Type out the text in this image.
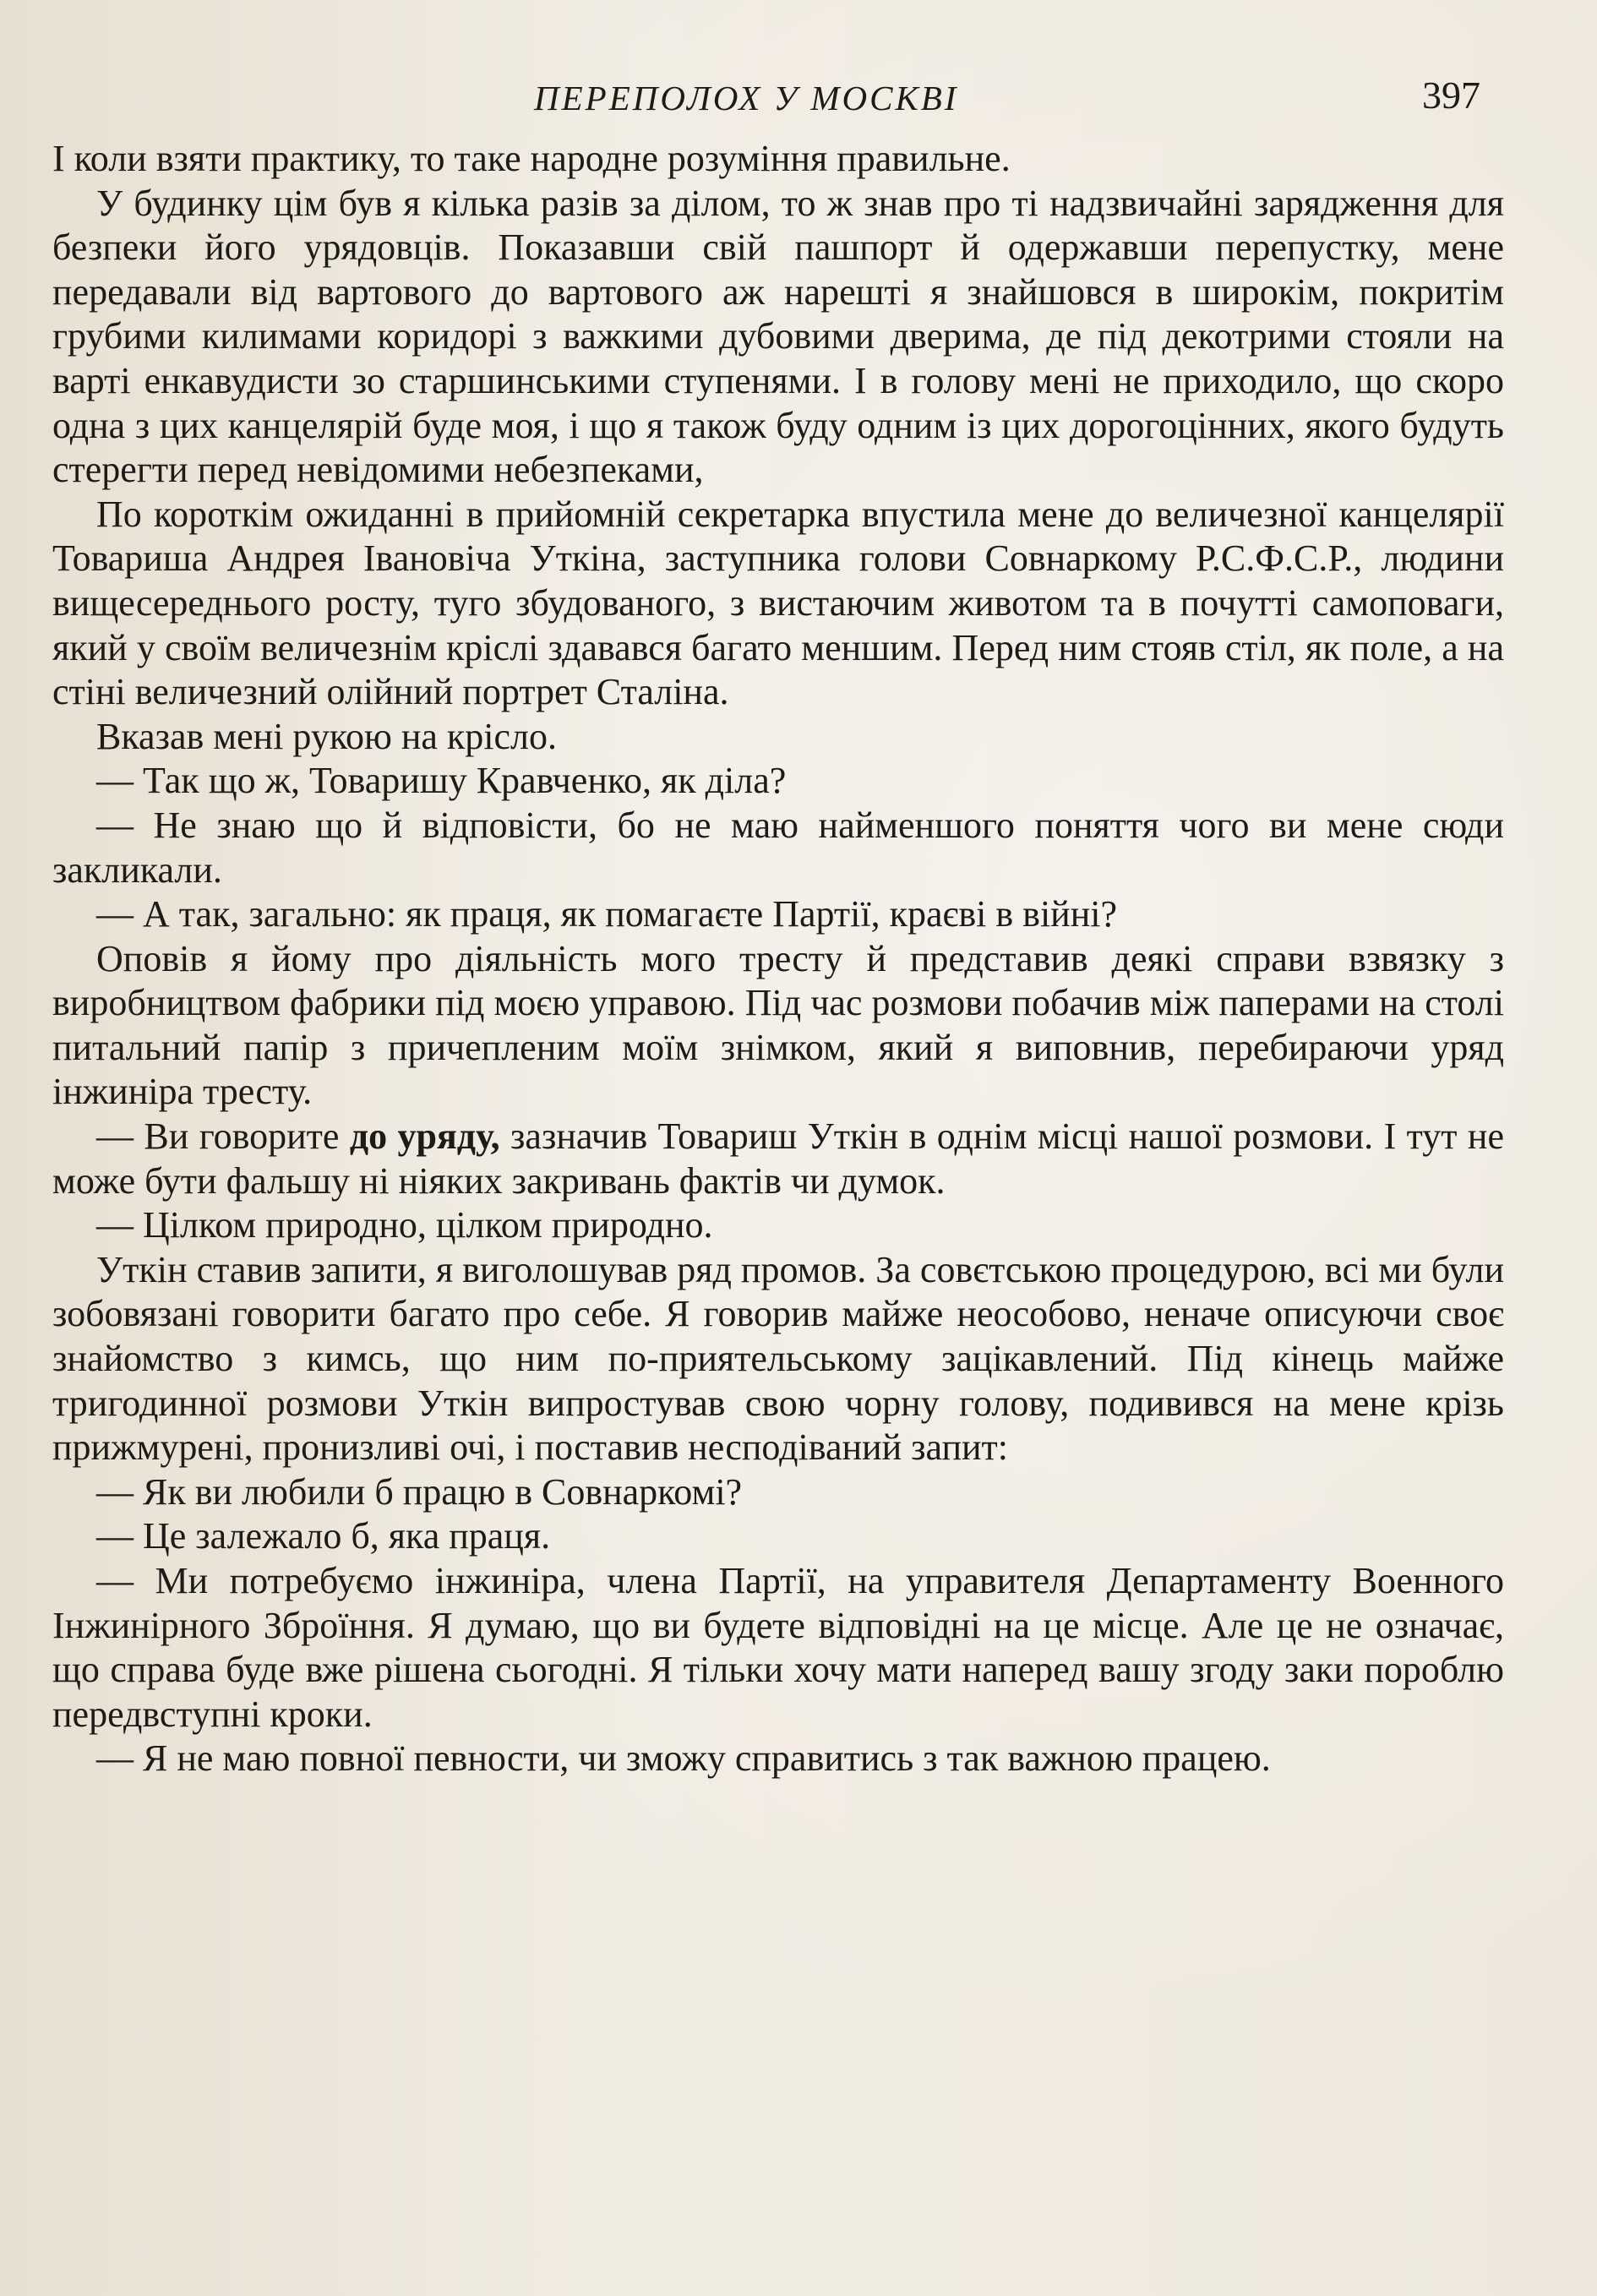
ПЕРЕПОЛОХ У МОСКВІ	397

І коли взяти практику, то таке народне розуміння правильне.

У будинку цім був я кілька разів за ділом, то ж знав про ті надзвичайні зарядження для безпеки його урядовців. Показавши свій пашпорт й одержавши перепустку, мене передавали від вартового до вартового аж нарешті я знайшовся в широкім, покритім грубими килимами коридорі з важкими дубовими дверима, де під декотрими стояли на варті енкавудисти зо старшинськими ступенями. І в голову мені не приходило, що скоро одна з цих канцелярій буде моя, і що я також буду одним із цих дорогоцінних, якого будуть стерегти перед невідомими небезпеками,

По короткім ожиданні в прийомній секретарка впустила мене до величезної канцелярії Товариша Андрея Івановіча Уткіна, заступника голови Совнаркому Р.С.Ф.С.Р., людини вищесереднього росту, туго збудованого, з вистаючим животом та в почутті самоповаги, який у своїм величезнім кріслі здавався багато меншим. Перед ним стояв стіл, як поле, а на стіні величезний олійний портрет Сталіна.

Вказав мені рукою на крісло.

— Так що ж, Товаришу Кравченко, як діла?

— Не знаю що й відповісти, бо не маю найменшого поняття чого ви мене сюди закликали.

— А так, загально: як праця, як помагаєте Партії, краєві в війні?

Оповів я йому про діяльність мого тресту й представив деякі справи взвязку з виробництвом фабрики під моєю управою. Під час розмови побачив між паперами на столі питальний папір з причепленим моїм знімком, який я виповнив, перебираючи уряд інжиніра тресту.

— Ви говорите до уряду, зазначив Товариш Уткін в однім місці нашої розмови. І тут не може бути фальшу ні ніяких закривань фактів чи думок.

— Цілком природно, цілком природно.

Уткін ставив запити, я виголошував ряд промов. За совєтською процедурою, всі ми були зобовязані говорити багато про себе. Я говорив майже неособово, неначе описуючи своє знайомство з кимсь, що ним по-приятельському зацікавлений. Під кінець майже тригодинної розмови Уткін випростував свою чорну голову, подивився на мене крізь прижмурені, пронизливі очі, і поставив несподіваний запит:

— Як ви любили б працю в Совнаркомі?

— Це залежало б, яка праця.

— Ми потребуємо інжиніра, члена Партії, на управителя Департаменту Военного Інжинірного Зброїння. Я думаю, що ви будете відповідні на це місце. Але це не означає, що справа буде вже рішена сьогодні. Я тільки хочу мати наперед вашу згоду заки пороблю передвступні кроки.

— Я не маю повної певности, чи зможу справитись з так важною працею.
